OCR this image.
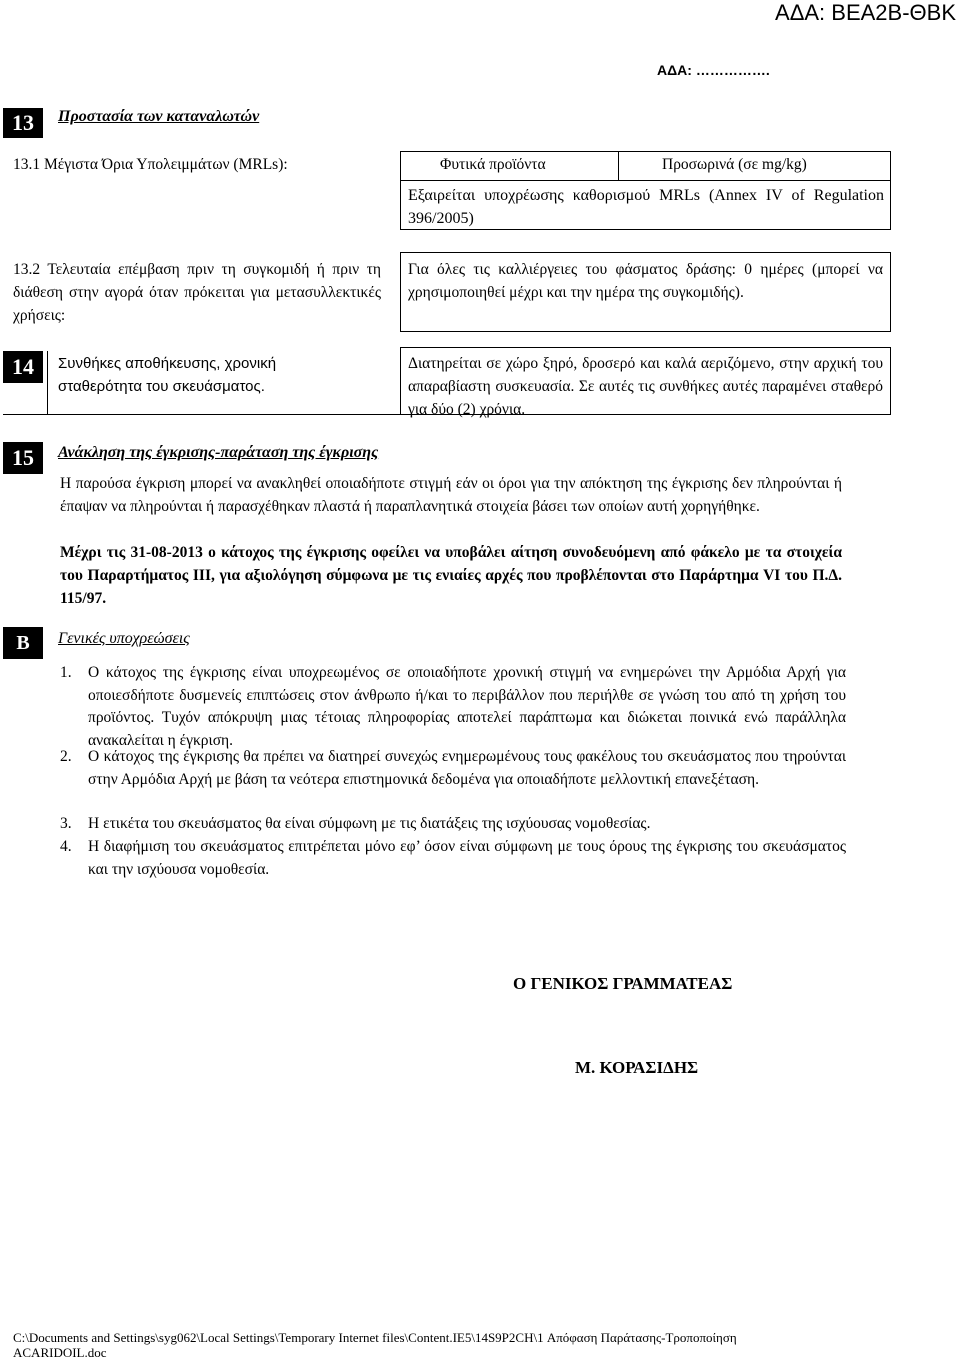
ΑΔΑ: ΒΕΑ2Β-ΘΒΚ
ΑΔΑ: …………….
13	Προστασία των καταναλωτών
13.1 Μέγιστα Όρια Υπολειμμάτων (MRLs):	Φυτικά προϊόντα	Προσωρινά (σε mg/kg)
Εξαιρείται υποχρέωσης καθορισμού MRLs (Annex IV of Regulation 396/2005)
13.2 Τελευταία επέμβαση πριν τη συγκομιδή ή πριν τη διάθεση στην αγορά όταν πρόκειται για μετασυλλεκτικές χρήσεις:
Για όλες τις καλλιέργειες του φάσματος δράσης: 0 ημέρες (μπορεί να χρησιμοποιηθεί μέχρι και την ημέρα της συγκομιδής).
14	Συνθήκες αποθήκευσης, χρονική σταθερότητα του σκευάσματος.
Διατηρείται σε χώρο ξηρό, δροσερό και καλά αεριζόμενο, στην αρχική του απαραβίαστη συσκευασία. Σε αυτές τις συνθήκες αυτές παραμένει σταθερό για δύο (2) χρόνια.
15	Ανάκληση της έγκρισης-παράταση της έγκρισης
Η παρούσα έγκριση μπορεί να ανακληθεί οποιαδήποτε στιγμή εάν οι όροι για την απόκτηση της έγκρισης δεν πληρούνται ή έπαψαν να πληρούνται ή παρασχέθηκαν πλαστά ή παραπλανητικά στοιχεία βάσει των οποίων αυτή χορηγήθηκε.
Μέχρι τις 31-08-2013 ο κάτοχος της έγκρισης οφείλει να υποβάλει αίτηση συνοδευόμενη από φάκελο με τα στοιχεία του Παραρτήματος ΙΙΙ, για αξιολόγηση σύμφωνα με τις ενιαίες αρχές που προβλέπονται στο Παράρτημα VI του Π.Δ. 115/97.
Β	Γενικές υποχρεώσεις
1. Ο κάτοχος της έγκρισης είναι υποχρεωμένος σε οποιαδήποτε χρονική στιγμή να ενημερώνει την Αρμόδια Αρχή για οποιεσδήποτε δυσμενείς επιπτώσεις στον άνθρωπο ή/και το περιβάλλον που περιήλθε σε γνώση του από τη χρήση του προϊόντος. Τυχόν απόκρυψη μιας τέτοιας πληροφορίας αποτελεί παράπτωμα και διώκεται ποινικά ενώ παράλληλα ανακαλείται η έγκριση.
2. Ο κάτοχος της έγκρισης θα πρέπει να διατηρεί συνεχώς ενημερωμένους τους φακέλους του σκευάσματος που τηρούνται στην Αρμόδια Αρχή με βάση τα νεότερα επιστημονικά δεδομένα για οποιαδήποτε μελλοντική επανεξέταση.
3. Η ετικέτα του σκευάσματος θα είναι σύμφωνη με τις διατάξεις της ισχύουσας νομοθεσίας.
4. Η διαφήμιση του σκευάσματος επιτρέπεται μόνο εφ’ όσον είναι σύμφωνη με τους όρους της έγκρισης του σκευάσματος και την ισχύουσα νομοθεσία.
Ο ΓΕΝΙΚΟΣ ΓΡΑΜΜΑΤΕΑΣ
Μ. ΚΟΡΑΣΙΔΗΣ
C:\Documents and Settings\syg062\Local Settings\Temporary Internet files\Content.IE5\14S9P2CH\1 Απόφαση Παράτασης-Τροποποίηση
ACARIDOIL.doc
